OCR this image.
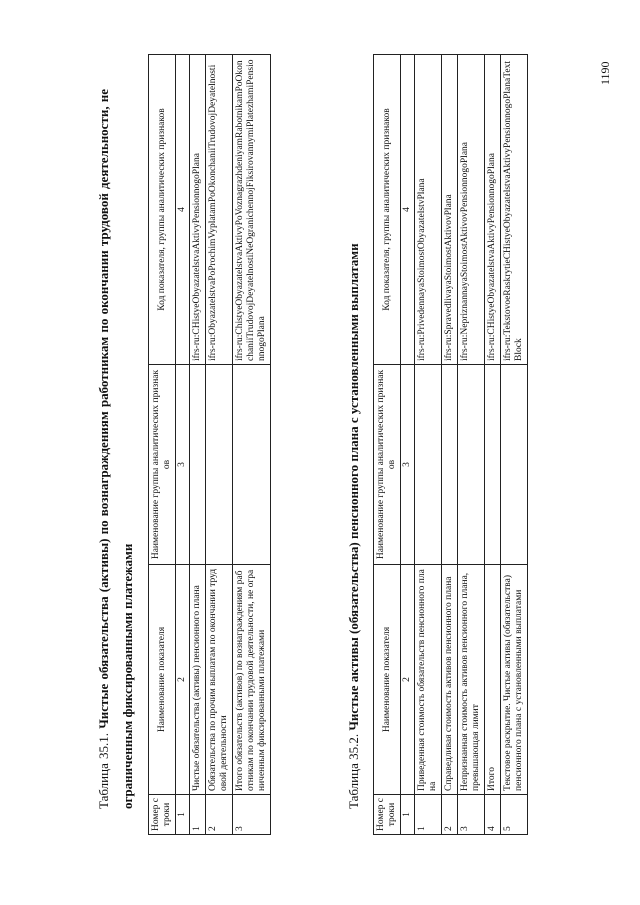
Таблица 35.1. Чистые обязательства (активы) по вознаграждениям работникам по окончании трудовой деятельности, не ограниченным фиксированными платежами
Номер строки	Наименование показателя	Наименование группы аналитических признаков	Код показателя, группы аналитических признаков
1	2	3	4
1	Чистые обязательства (активы) пенсионного плана		ifrs-ru:CHistyeObyazatelstvaAktivyPensionnogoPlana
2	Обязательства по прочим выплатам по окончании трудовой деятельности		ifrs-ru:ObyazatelstvaPoProchimVyplatamPoOkonchaniiTrudovojDeyatelnosti
3	Итого обязательств (активов) по вознаграждениям работникам по окончании трудовой деятельности, не ограниченным фиксированными платежами		ifrs-ru:ChistyeObyazatelstvaAktivyPoVoznagrazhdeniyamRabotnikamPoOkonchaniiTrudovojDeyatelnostiNeOgranichennojFiksirovannymiPlatezhamiPensionnogoPlana
Таблица 35.2. Чистые активы (обязательства) пенсионного плана с установленными выплатами
Номер строки	Наименование показателя	Наименование группы аналитических признаков	Код показателя, группы аналитических признаков
1	2	3	4
1	Приведенная стоимость обязательств пенсионного плана		ifrs-ru:PrivedennayaStoimostObyazatelstvPlana
2	Справедливая стоимость активов пенсионного плана		ifrs-ru:SpravedlivayaStoimostAktivovPlana
3	Непризнанная стоимость активов пенсионного плана, превышающая лимит		ifrs-ru:NepriznannayaStoimostAktivovPensionnogoPlana
4	Итого		ifrs-ru:CHistyeObyazatelstvaAktivyPensionnogoPlana
5	Текстовое раскрытие. Чистые активы (обязательства) пенсионного плана с установленными выплатами		ifrs-ru:TekstovoeRaskrytieCHistyeObyazatelstvaAktivyPensionnogoPlanaTextBlock
1190
